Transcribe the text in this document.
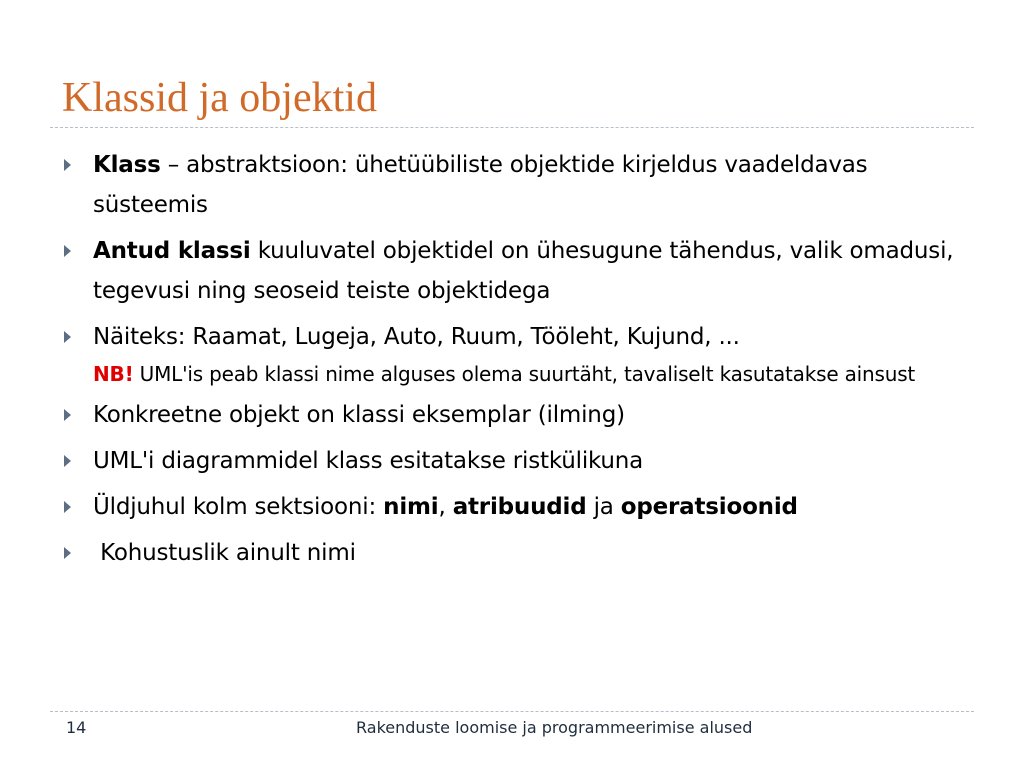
Klassid ja objektid
Klass – abstraktsioon: ühetüübiliste objektide kirjeldus vaadeldavas süsteemis
Antud klassi kuuluvatel objektidel on ühesugune tähendus, valik omadusi, tegevusi ning seoseid teiste objektidega
Näiteks: Raamat, Lugeja, Auto, Ruum, Tööleht, Kujund, ...
NB! UML'is peab klassi nime alguses olema suurtäht, tavaliselt kasutatakse ainsust
Konkreetne objekt on klassi eksemplar (ilming)
UML'i diagrammidel klass esitatakse ristkülikuna
Üldjuhul kolm sektsiooni: nimi, atribuudid ja operatsioonid
Kohustuslik ainult nimi
14	Rakenduste loomise ja programmeerimise alused
